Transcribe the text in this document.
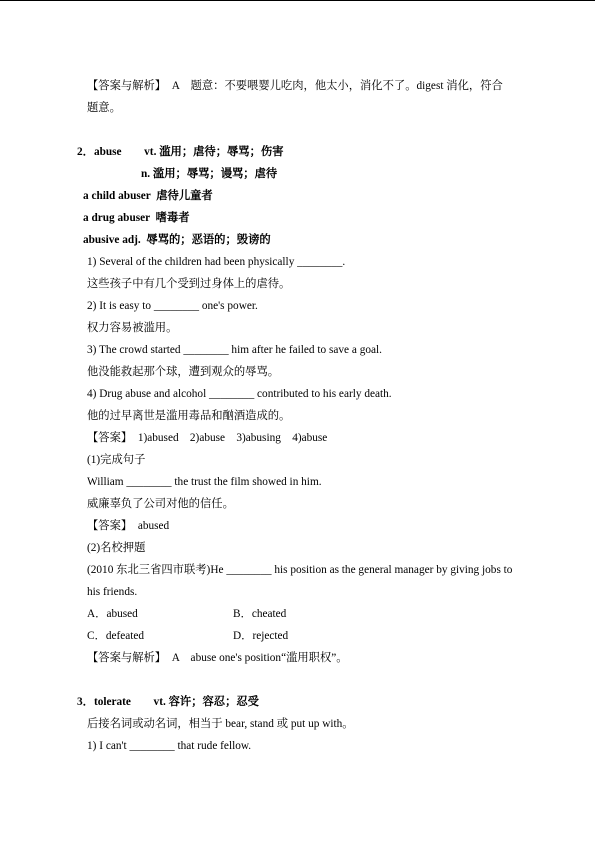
【答案与解析】　A　题意：不要喂婴儿吃肉，他太小，消化不了。digest 消化，符合
题意。
2．abuse　　vt. 滥用；虐待；辱骂；伤害
n. 滥用；辱骂；谩骂；虐待
a child abuser  虐待儿童者
a drug abuser  嗜毒者
abusive adj.  辱骂的；恶语的；毁谤的
1) Several of the children had been physically ________.
这些孩子中有几个受到过身体上的虐待。
2) It is easy to ________ one's power.
权力容易被滥用。
3) The crowd started ________ him after he failed to save a goal.
他没能救起那个球，遭到观众的辱骂。
4) Drug abuse and alcohol ________ contributed to his early death.
他的过早离世是滥用毒品和酗酒造成的。
【答案】　1)abused　2)abuse　3)abusing　4)abuse
(1)完成句子
William ________ the trust the film showed in him.
威廉辜负了公司对他的信任。
【答案】　abused
(2)名校押题
(2010 东北三省四市联考)He ________ his position as the general manager by giving jobs to
his friends.
A．abused	B．cheated
C．defeated	D．rejected
【答案与解析】　A　abuse one's position“滥用职权”。
3．tolerate　　vt. 容许；容忍；忍受
后接名词或动名词，相当于 bear, stand 或 put up with。
1) I can't ________ that rude fellow.
